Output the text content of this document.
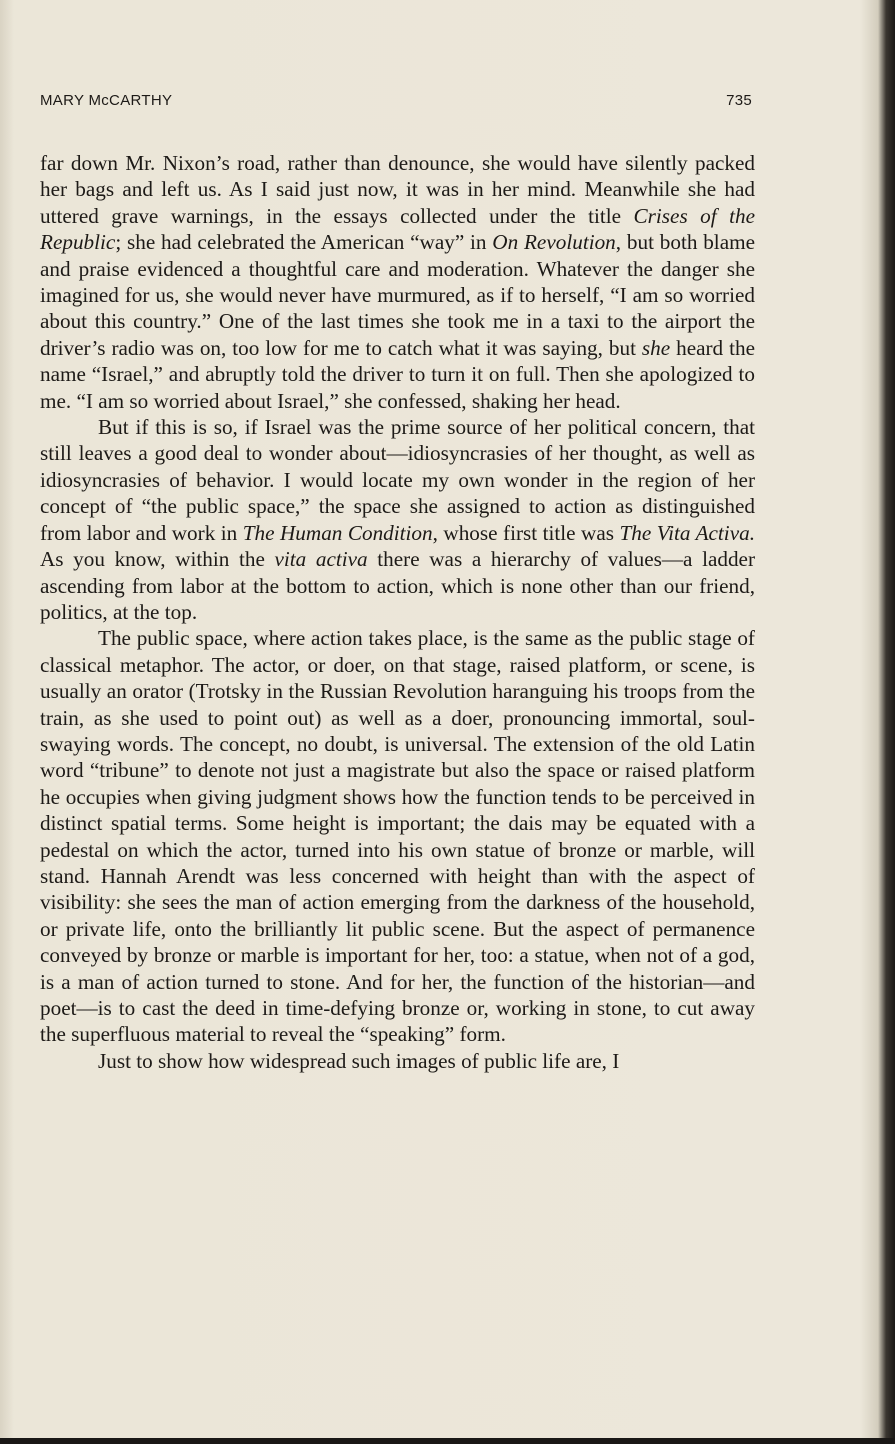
MARY McCARTHY	735

far down Mr. Nixon’s road, rather than denounce, she would have silently packed her bags and left us. As I said just now, it was in her mind. Meanwhile she had uttered grave warnings, in the essays collected under the title Crises of the Republic; she had celebrated the American “way” in On Revolution, but both blame and praise evidenced a thoughtful care and moderation. Whatever the danger she imagined for us, she would never have murmured, as if to herself, “I am so worried about this country.” One of the last times she took me in a taxi to the airport the driver’s radio was on, too low for me to catch what it was saying, but she heard the name “Israel,” and abruptly told the driver to turn it on full. Then she apologized to me. “I am so worried about Israel,” she confessed, shaking her head.

But if this is so, if Israel was the prime source of her political concern, that still leaves a good deal to wonder about—idiosyncrasies of her thought, as well as idiosyncrasies of behavior. I would locate my own wonder in the region of her concept of “the public space,” the space she assigned to action as distinguished from labor and work in The Human Condition, whose first title was The Vita Activa. As you know, within the vita activa there was a hierarchy of values—a ladder ascending from labor at the bottom to action, which is none other than our friend, politics, at the top.

The public space, where action takes place, is the same as the public stage of classical metaphor. The actor, or doer, on that stage, raised platform, or scene, is usually an orator (Trotsky in the Russian Revolution haranguing his troops from the train, as she used to point out) as well as a doer, pronouncing immortal, soul-swaying words. The concept, no doubt, is universal. The extension of the old Latin word “tribune” to denote not just a magistrate but also the space or raised platform he occupies when giving judgment shows how the function tends to be perceived in distinct spatial terms. Some height is important; the dais may be equated with a pedestal on which the actor, turned into his own statue of bronze or marble, will stand. Hannah Arendt was less concerned with height than with the aspect of visibility: she sees the man of action emerging from the darkness of the household, or private life, onto the brilliantly lit public scene. But the aspect of permanence conveyed by bronze or marble is important for her, too: a statue, when not of a god, is a man of action turned to stone. And for her, the function of the historian—and poet—is to cast the deed in time-defying bronze or, working in stone, to cut away the superfluous material to reveal the “speaking” form.

Just to show how widespread such images of public life are, I
